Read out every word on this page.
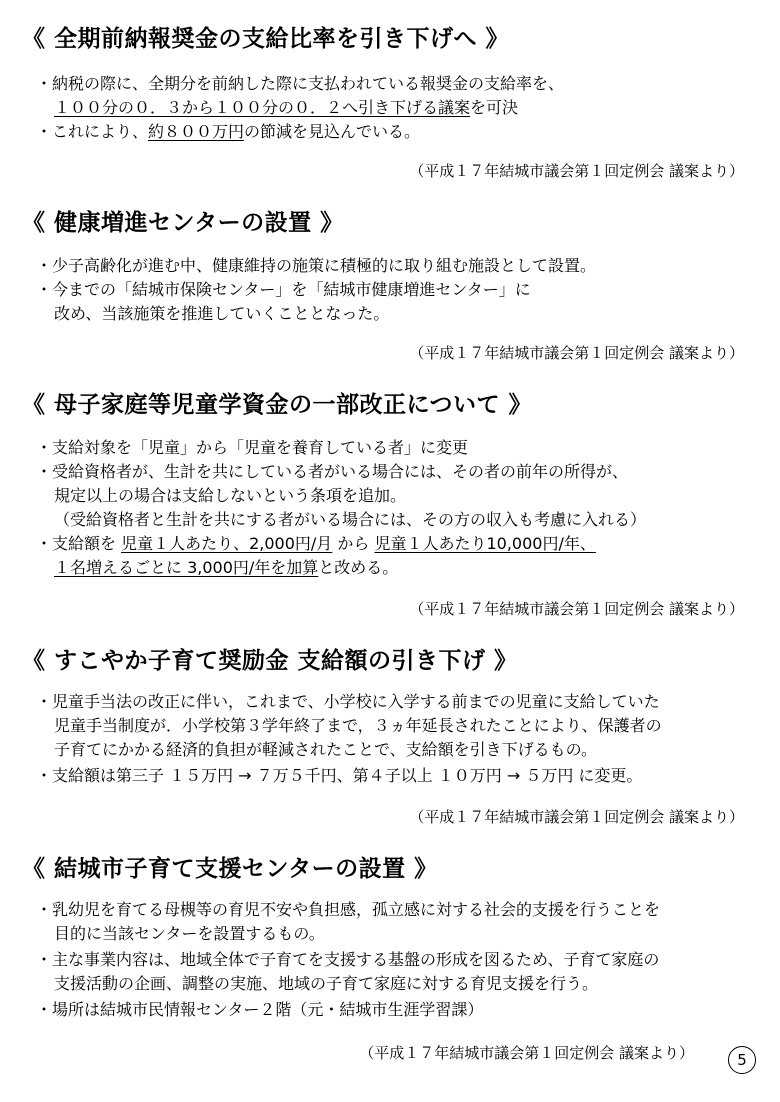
《 全期前納報奨金の支給比率を引き下げへ 》

・納税の際に、全期分を前納した際に支払われている報奨金の支給率を、

１００分の０．３から１００分の０．２へ引き下げる議案を可決

・これにより、約８００万円の節減を見込んでいる。

（平成１７年結城市議会第１回定例会 議案より）
《 健康増進センターの設置 》

・少子高齢化が進む中、健康維持の施策に積極的に取り組む施設として設置。

・今までの「結城市保険センター」を「結城市健康増進センター」に

改め、当該施策を推進していくこととなった。

（平成１７年結城市議会第１回定例会 議案より）
《 母子家庭等児童学資金の一部改正について 》

・支給対象を「児童」から「児童を養育している者」に変更

・受給資格者が、生計を共にしている者がいる場合には、その者の前年の所得が、

規定以上の場合は支給しないという条項を追加。

（受給資格者と生計を共にする者がいる場合には、その方の収入も考慮に入れる）

・支給額を 児童１人あたり、2,000円/月 から 児童１人あたり10,000円/年、

１名増えるごとに 3,000円/年を加算と改める。

（平成１７年結城市議会第１回定例会 議案より）
《 すこやか子育て奨励金 支給額の引き下げ 》

・児童手当法の改正に伴い，これまで、小学校に入学する前までの児童に支給していた

児童手当制度が．小学校第３学年終了まで，３ヵ年延長されたことにより、保護者の

子育てにかかる経済的負担が軽減されたことで、支給額を引き下げるもの。

・支給額は第三子 １５万円 → ７万５千円、第４子以上 １０万円 → ５万円 に変更。

（平成１７年結城市議会第１回定例会 議案より）
《 結城市子育て支援センターの設置 》

・乳幼児を育てる母槻等の育児不安や負担感，孤立感に対する社会的支援を行うことを

目的に当該センターを設置するもの。

・主な事業内容は、地域全体で子育てを支援する基盤の形成を図るため、子育て家庭の

支援活動の企画、調整の実施、地域の子育て家庭に対する育児支援を行う。

・場所は結城市民情報センター２階（元・結城市生涯学習課）

（平成１７年結城市議会第１回定例会 議案より）	5
